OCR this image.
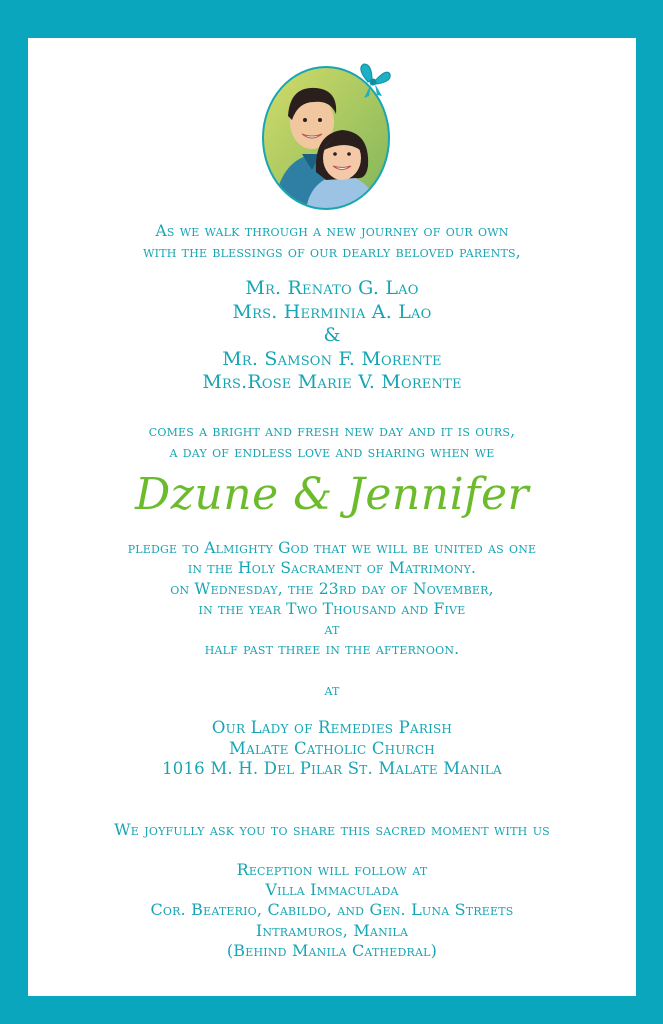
As we walk through a new journey of our own
with the blessings of our dearly beloved parents,
Mr. Renato G. Lao
Mrs. Herminia A. Lao
&
Mr. Samson F. Morente
Mrs.Rose Marie V. Morente
comes a bright and fresh new day and it is ours,
a day of endless love and sharing when we
Dzune & Jennifer
pledge to Almighty God that we will be united as one
in the Holy Sacrament of Matrimony.
on Wednesday, the 23rd day of November,
in the year Two Thousand and Five
at
half past three in the afternoon.
at
Our Lady of Remedies Parish
Malate Catholic Church
1016 M. H. Del Pilar St. Malate Manila
We joyfully ask you to share this sacred moment with us
Reception will follow at
Villa Immaculada
Cor. Beaterio, Cabildo, and Gen. Luna Streets
Intramuros, Manila
(Behind Manila Cathedral)
